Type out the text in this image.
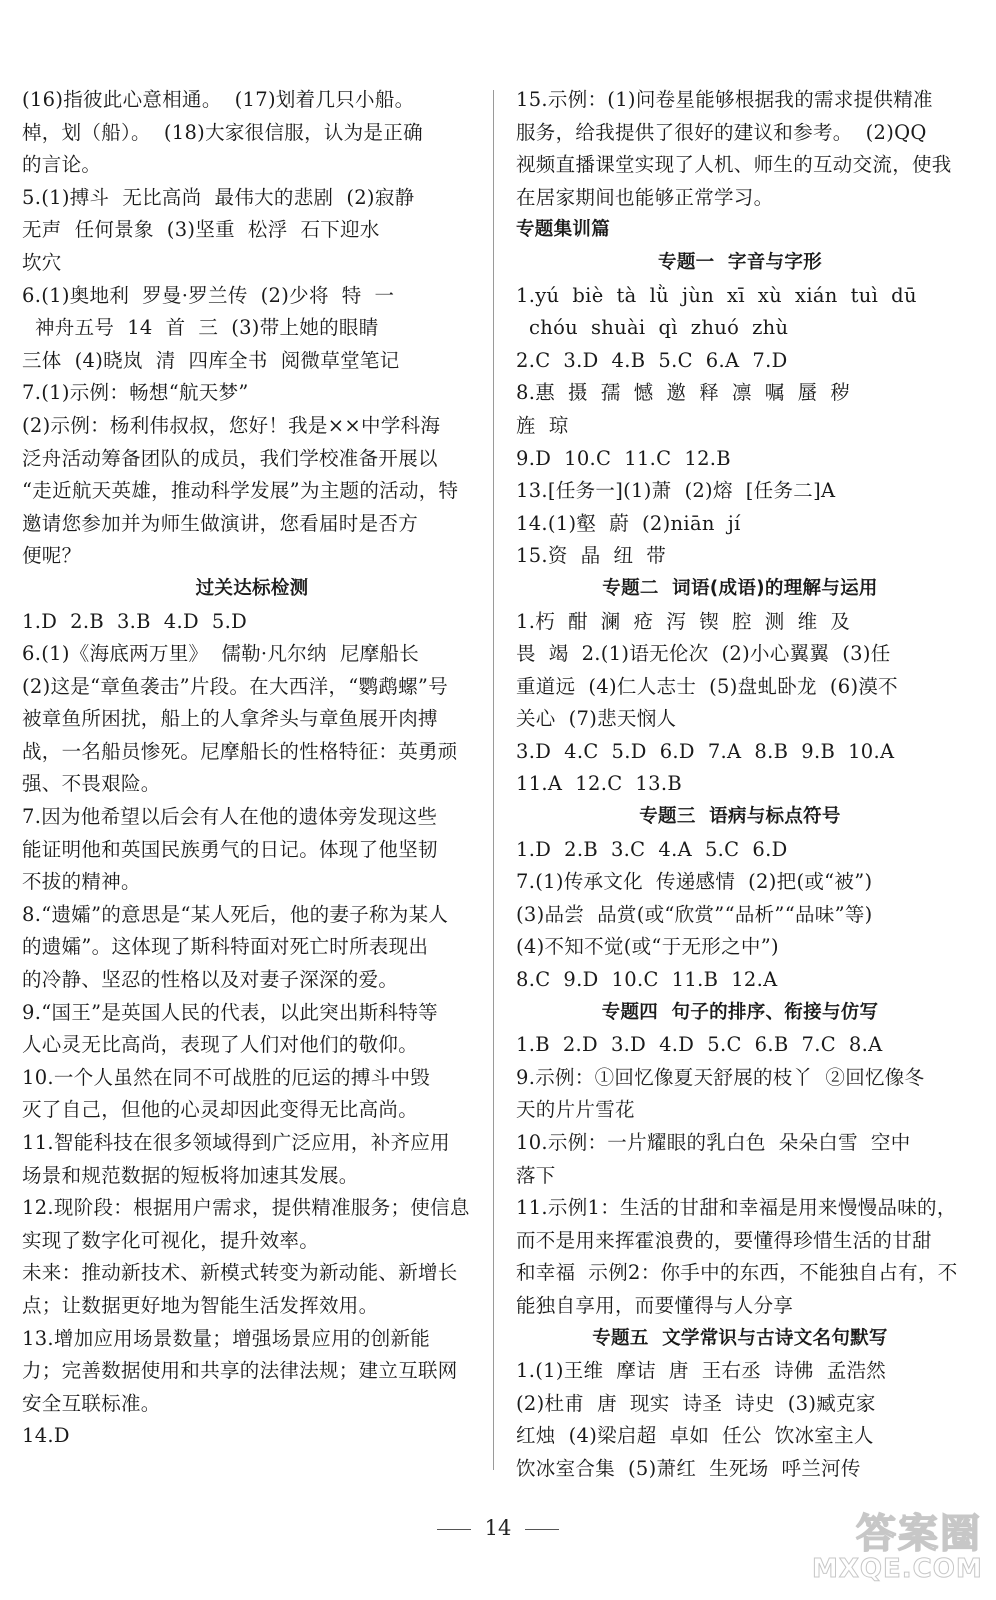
(16)指彼此心意相通。  (17)划着几只小船。
棹，划（船）。  (18)大家很信服，认为是正确
的言论。
5.(1)搏斗  无比高尚  最伟大的悲剧  (2)寂静
无声  任何景象  (3)坚重  松浮  石下迎水
坎穴
6.(1)奥地利  罗曼·罗兰传  (2)少将  特  一
神舟五号  14  首  三  (3)带上她的眼睛
三体  (4)晓岚  清  四库全书  阅微草堂笔记
7.(1)示例：畅想“航天梦”
(2)示例：杨利伟叔叔，您好！我是××中学科海
泛舟活动筹备团队的成员，我们学校准备开展以
“走近航天英雄，推动科学发展”为主题的活动，特
邀请您参加并为师生做演讲，您看届时是否方
便呢？
过关达标检测
1.D  2.B  3.B  4.D  5.D
6.(1)《海底两万里》  儒勒·凡尔纳  尼摩船长
(2)这是“章鱼袭击”片段。在大西洋，“鹦鹉螺”号
被章鱼所困扰，船上的人拿斧头与章鱼展开肉搏
战，一名船员惨死。尼摩船长的性格特征：英勇顽
强、不畏艰险。
7.因为他希望以后会有人在他的遗体旁发现这些
能证明他和英国民族勇气的日记。体现了他坚韧
不拔的精神。
8.“遗孀”的意思是“某人死后，他的妻子称为某人
的遗孀”。这体现了斯科特面对死亡时所表现出
的冷静、坚忍的性格以及对妻子深深的爱。
9.“国王”是英国人民的代表，以此突出斯科特等
人心灵无比高尚，表现了人们对他们的敬仰。
10.一个人虽然在同不可战胜的厄运的搏斗中毁
灭了自己，但他的心灵却因此变得无比高尚。
11.智能科技在很多领域得到广泛应用，补齐应用
场景和规范数据的短板将加速其发展。
12.现阶段：根据用户需求，提供精准服务；使信息
实现了数字化可视化，提升效率。
未来：推动新技术、新模式转变为新动能、新增长
点；让数据更好地为智能生活发挥效用。
13.增加应用场景数量；增强场景应用的创新能
力；完善数据使用和共享的法律法规；建立互联网
安全互联标准。
14.D
15.示例：(1)问卷星能够根据我的需求提供精准
服务，给我提供了很好的建议和参考。  (2)QQ
视频直播课堂实现了人机、师生的互动交流，使我
在居家期间也能够正常学习。
专题集训篇
专题一  字音与字形
1.yú  biè  tà  lǜ  jùn  xī  xù  xián  tuì  dū
chóu  shuài  qì  zhuó  zhù
2.C  3.D  4.B  5.C  6.A  7.D
8.惠  摄  孺  憾  邀  释  凛  嘱  蜃  秽
旌  琼
9.D  10.C  11.C  12.B
13.[任务一](1)萧  (2)熔  [任务二]A
14.(1)壑  蔚  (2)niān  jí
15.资  晶  纽  带
专题二  词语(成语)的理解与运用
1.朽  酣  澜  疮  泻  锲  腔  测  维  及
畏  竭  2.(1)语无伦次  (2)小心翼翼  (3)任
重道远  (4)仁人志士  (5)盘虬卧龙  (6)漠不
关心  (7)悲天悯人
3.D  4.C  5.D  6.D  7.A  8.B  9.B  10.A
11.A  12.C  13.B
专题三  语病与标点符号
1.D  2.B  3.C  4.A  5.C  6.D
7.(1)传承文化  传递感情  (2)把(或“被”)
(3)品尝  品赏(或“欣赏”“品析”“品味”等)
(4)不知不觉(或“于无形之中”)
8.C  9.D  10.C  11.B  12.A
专题四  句子的排序、衔接与仿写
1.B  2.D  3.D  4.D  5.C  6.B  7.C  8.A
9.示例：①回忆像夏天舒展的枝丫  ②回忆像冬
天的片片雪花
10.示例：一片耀眼的乳白色  朵朵白雪  空中
落下
11.示例1：生活的甘甜和幸福是用来慢慢品味的，
而不是用来挥霍浪费的，要懂得珍惜生活的甘甜
和幸福  示例2：你手中的东西，不能独自占有，不
能独自享用，而要懂得与人分享
专题五  文学常识与古诗文名句默写
1.(1)王维  摩诘  唐  王右丞  诗佛  孟浩然
(2)杜甫  唐  现实  诗圣  诗史  (3)臧克家
红烛  (4)梁启超  卓如  任公  饮冰室主人
饮冰室合集  (5)萧红  生死场  呼兰河传
14	答案圈
MXQE.COM
